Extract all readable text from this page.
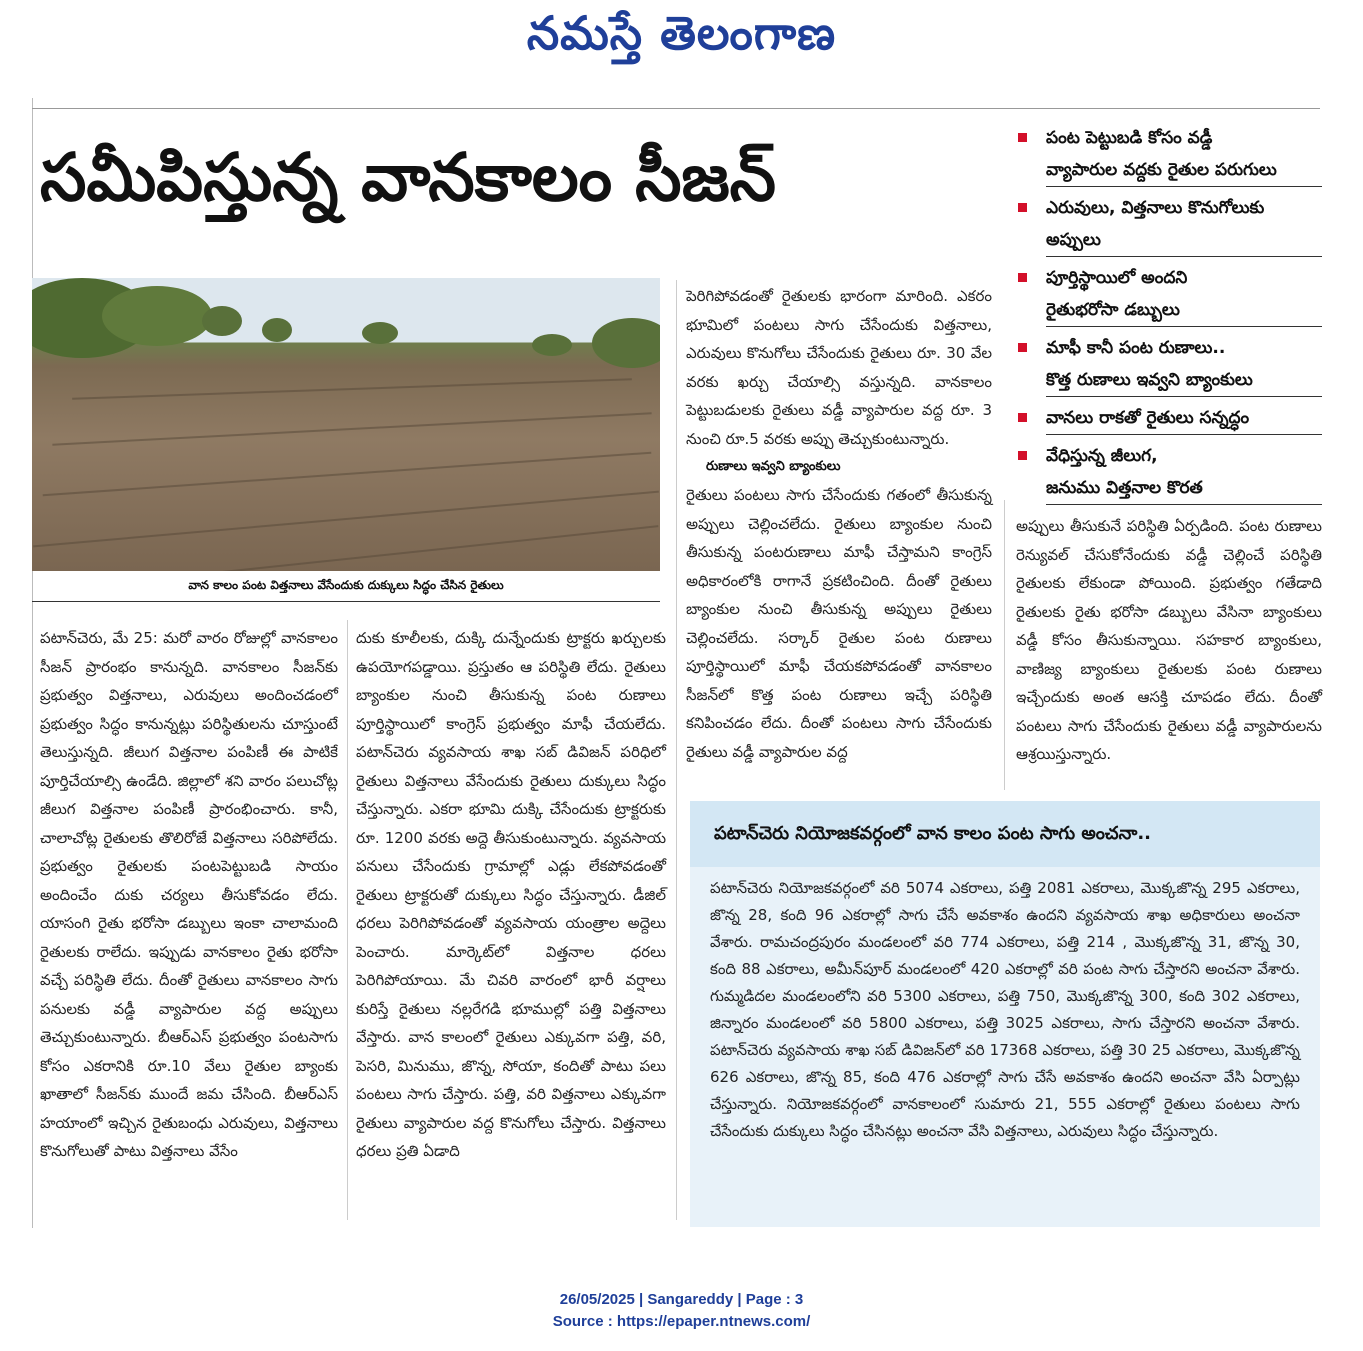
నమస్తే తెలంగాణ
సమీపిస్తున్న వానకాలం సీజన్
పంట పెట్టుబడి కోసం వడ్డీ
వ్యాపారుల వద్దకు రైతుల పరుగులు
ఎరువులు, విత్తనాలు కొనుగోలుకు
అప్పులు
పూర్తిస్థాయిలో అందని
రైతుభరోసా డబ్బులు
మాఫీ కానీ పంట రుణాలు..
కొత్త రుణాలు ఇవ్వని బ్యాంకులు
వానలు రాకతో రైతులు సన్నద్ధం
వేధిస్తున్న జీలుగ,
జనుము విత్తనాల కొరత
వాన కాలం పంట విత్తనాలు వేసేందుకు దుక్కులు సిద్ధం చేసిన రైతులు
పటాన్‌చెరు, మే 25: మరో వారం రోజుల్లో వానకాలం సీజన్ ప్రారంభం కానున్నది. వానకాలం సీజన్‌కు ప్రభుత్వం విత్తనాలు, ఎరువులు అందించడంలో ప్రభుత్వం సిద్ధం కానున్నట్లు పరిస్థితులను చూస్తుంటే తెలుస్తున్నది. జీలుగ విత్తనాల పంపిణీ ఈ పాటికే పూర్తిచేయాల్సి ఉండేది. జిల్లాలో శని వారం పలుచోట్ల జీలుగ విత్తనాల పంపిణీ ప్రారంభించారు. కానీ, చాలాచోట్ల రైతులకు తొలిరోజే విత్తనాలు సరిపోలేదు. ప్రభుత్వం రైతులకు పంటపెట్టుబడి సాయం అందించేం దుకు చర్యలు తీసుకోవడం లేదు. యాసంగి రైతు భరోసా డబ్బులు ఇంకా చాలామంది రైతులకు రాలేదు. ఇప్పుడు వానకాలం రైతు భరోసా వచ్చే పరిస్థితి లేదు. దీంతో రైతులు వానకాలం సాగు పనులకు వడ్డీ వ్యాపారుల వద్ద అప్పులు తెచ్చుకుంటున్నారు. బీఆర్‌ఎస్ ప్రభుత్వం పంటసాగు కోసం ఎకరానికి రూ.10 వేలు రైతుల బ్యాంకు ఖాతాలో సీజన్‌కు ముందే జమ చేసింది. బీఆర్‌ఎస్ హయాంలో ఇచ్చిన రైతుబంధు ఎరువులు, విత్తనాలు కొనుగోలుతో పాటు విత్తనాలు వేసేం
దుకు కూలీలకు, దుక్కి దున్నేందుకు ట్రాక్టరు ఖర్చులకు ఉపయోగపడ్డాయి. ప్రస్తుతం ఆ పరిస్థితి లేదు. రైతులు బ్యాంకుల నుంచి తీసుకున్న పంట రుణాలు పూర్తిస్థాయిలో కాంగ్రెస్ ప్రభుత్వం మాఫీ చేయలేదు. పటాన్‌చెరు వ్యవసాయ శాఖ సబ్ డివిజన్ పరిధిలో రైతులు విత్తనాలు వేసేందుకు రైతులు దుక్కులు సిద్ధం చేస్తున్నారు. ఎకరా భూమి దుక్కి చేసేందుకు ట్రాక్టరుకు రూ. 1200 వరకు అద్దె తీసుకుంటున్నారు. వ్యవసాయ పనులు చేసేందుకు గ్రామాల్లో ఎడ్లు లేకపోవడంతో రైతులు ట్రాక్టరుతో దుక్కులు సిద్ధం చేస్తున్నారు. డీజిల్ ధరలు పెరిగిపోవడంతో వ్యవసాయ యంత్రాల అద్దెలు పెంచారు. మార్కెట్‌లో విత్తనాల ధరలు పెరిగిపోయాయి. మే చివరి వారంలో భారీ వర్షాలు కురిస్తే రైతులు నల్లరేగడి భూముల్లో పత్తి విత్తనాలు వేస్తారు. వాన కాలంలో రైతులు ఎక్కువగా పత్తి, వరి, పెసరి, మినుము, జొన్న, సోయా, కందితో పాటు పలు పంటలు సాగు చేస్తారు. పత్తి, వరి విత్తనాలు ఎక్కువగా రైతులు వ్యాపారుల వద్ద కొనుగోలు చేస్తారు. విత్తనాలు ధరలు ప్రతి ఏడాది
పెరిగిపోవడంతో రైతులకు భారంగా మారింది. ఎకరం భూమిలో పంటలు సాగు చేసేందుకు విత్తనాలు, ఎరువులు కొనుగోలు చేసేందుకు రైతులు రూ. 30 వేల వరకు ఖర్చు చేయాల్సి వస్తున్నది. వానకాలం పెట్టుబడులకు రైతులు వడ్డీ వ్యాపారుల వద్ద రూ. 3 నుంచి రూ.5 వరకు అప్పు తెచ్చుకుంటున్నారు.
రుణాలు ఇవ్వని బ్యాంకులు
రైతులు పంటలు సాగు చేసేందుకు గతంలో తీసుకున్న అప్పులు చెల్లించలేదు. రైతులు బ్యాంకుల నుంచి తీసుకున్న పంటరుణాలు మాఫీ చేస్తామని కాంగ్రెస్ అధికారంలోకి రాగానే ప్రకటించింది. దీంతో రైతులు బ్యాంకుల నుంచి తీసుకున్న అప్పులు రైతులు చెల్లించలేదు. సర్కార్ రైతుల పంట రుణాలు పూర్తిస్థాయిలో మాఫీ చేయకపోవడంతో వానకాలం సీజన్‌లో కొత్త పంట రుణాలు ఇచ్చే పరిస్థితి కనిపించడం లేదు. దీంతో పంటలు సాగు చేసేందుకు రైతులు వడ్డీ వ్యాపారుల వద్ద
అప్పులు తీసుకునే పరిస్థితి ఏర్పడింది. పంట రుణాలు రెన్యువల్ చేసుకోనేందుకు వడ్డీ చెల్లించే పరిస్థితి రైతులకు లేకుండా పోయింది. ప్రభుత్వం గతేడాది రైతులకు రైతు భరోసా డబ్బులు వేసినా బ్యాంకులు వడ్డీ కోసం తీసుకున్నాయి. సహకార బ్యాంకులు, వాణిజ్య బ్యాంకులు రైతులకు పంట రుణాలు ఇచ్చేందుకు అంత ఆసక్తి చూపడం లేదు. దీంతో పంటలు సాగు చేసేందుకు రైతులు వడ్డీ వ్యాపారులను ఆశ్రయిస్తున్నారు.
పటాన్‌చెరు నియోజకవర్గంలో వాన కాలం పంట సాగు అంచనా..
పటాన్‌చెరు నియోజకవర్గంలో వరి 5074 ఎకరాలు, పత్తి 2081 ఎకరాలు, మొక్కజొన్న 295 ఎకరాలు, జొన్న 28, కంది 96 ఎకరాల్లో సాగు చేసే అవకాశం ఉందని వ్యవసాయ శాఖ అధికారులు అంచనా వేశారు. రామచంద్రపురం మండలంలో వరి 774 ఎకరాలు, పత్తి 214 , మొక్కజొన్న 31, జొన్న 30, కంది 88 ఎకరాలు, అమీన్‌పూర్ మండలంలో 420 ఎకరాల్లో వరి పంట సాగు చేస్తారని అంచనా వేశారు. గుమ్మడిదల మండలంలోని వరి 5300 ఎకరాలు, పత్తి 750, మొక్కజొన్న 300, కంది 302 ఎకరాలు, జిన్నారం మండలంలో వరి 5800 ఎకరాలు, పత్తి 3025 ఎకరాలు, సాగు చేస్తారని అంచనా వేశారు. పటాన్‌చెరు వ్యవసాయ శాఖ సబ్ డివిజన్‌లో వరి 17368 ఎకరాలు, పత్తి 30 25 ఎకరాలు, మొక్కజొన్న 626 ఎకరాలు, జొన్న 85, కంది 476 ఎకరాల్లో సాగు చేసే అవకాశం ఉందని అంచనా వేసి ఏర్పాట్లు చేస్తున్నారు. నియోజకవర్గంలో వానకాలంలో సుమారు 21, 555 ఎకరాల్లో రైతులు పంటలు సాగు చేసేందుకు దుక్కులు సిద్ధం చేసినట్లు అంచనా వేసి విత్తనాలు, ఎరువులు సిద్ధం చేస్తున్నారు.
26/05/2025 | Sangareddy | Page : 3
Source : https://epaper.ntnews.com/
